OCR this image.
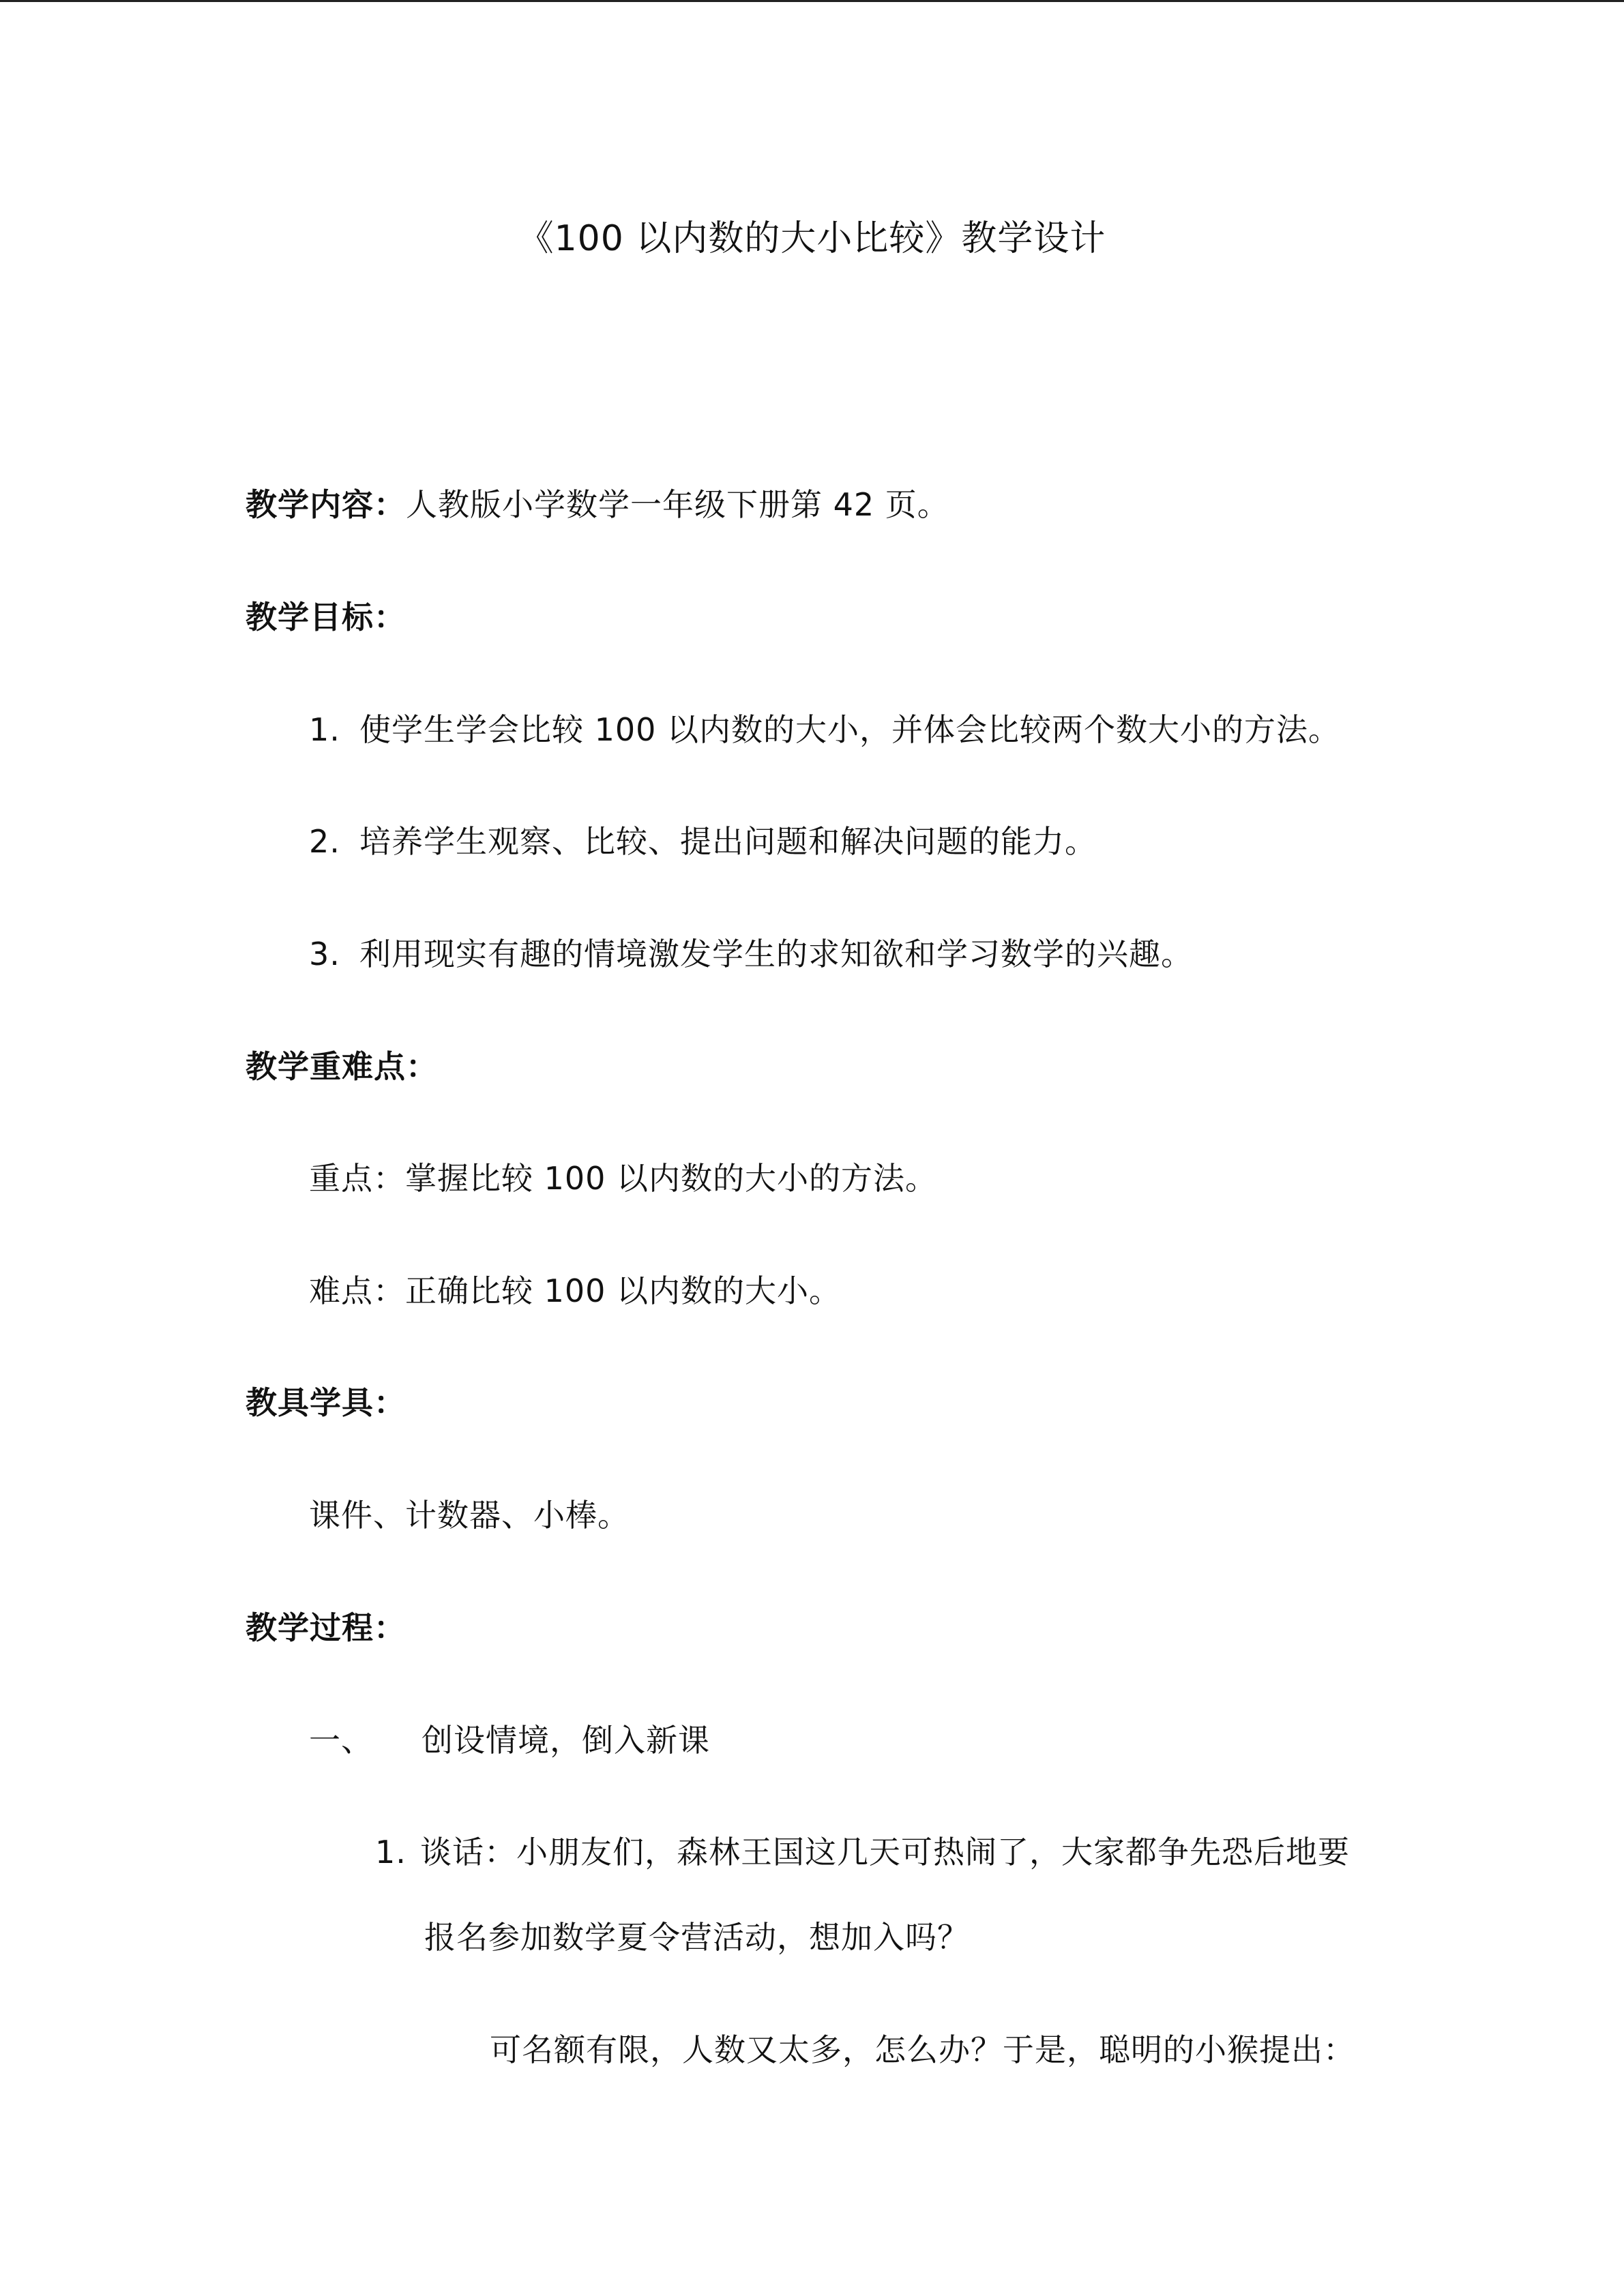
《100 以内数的大小比较》教学设计
教学内容：人教版小学数学一年级下册第 42 页。
教学目标：
1. 使学生学会比较 100 以内数的大小，并体会比较两个数大小的方法。
2. 培养学生观察、比较、提出问题和解决问题的能力。
3. 利用现实有趣的情境激发学生的求知欲和学习数学的兴趣。
教学重难点：
重点：掌握比较 100 以内数的大小的方法。
难点：正确比较 100 以内数的大小。
教具学具：
课件、计数器、小棒。
教学过程：
一、 创设情境，倒入新课
1. 谈话：小朋友们，森林王国这几天可热闹了，大家都争先恐后地要
报名参加数学夏令营活动，想加入吗？
可名额有限，人数又太多，怎么办？于是，聪明的小猴提出：
